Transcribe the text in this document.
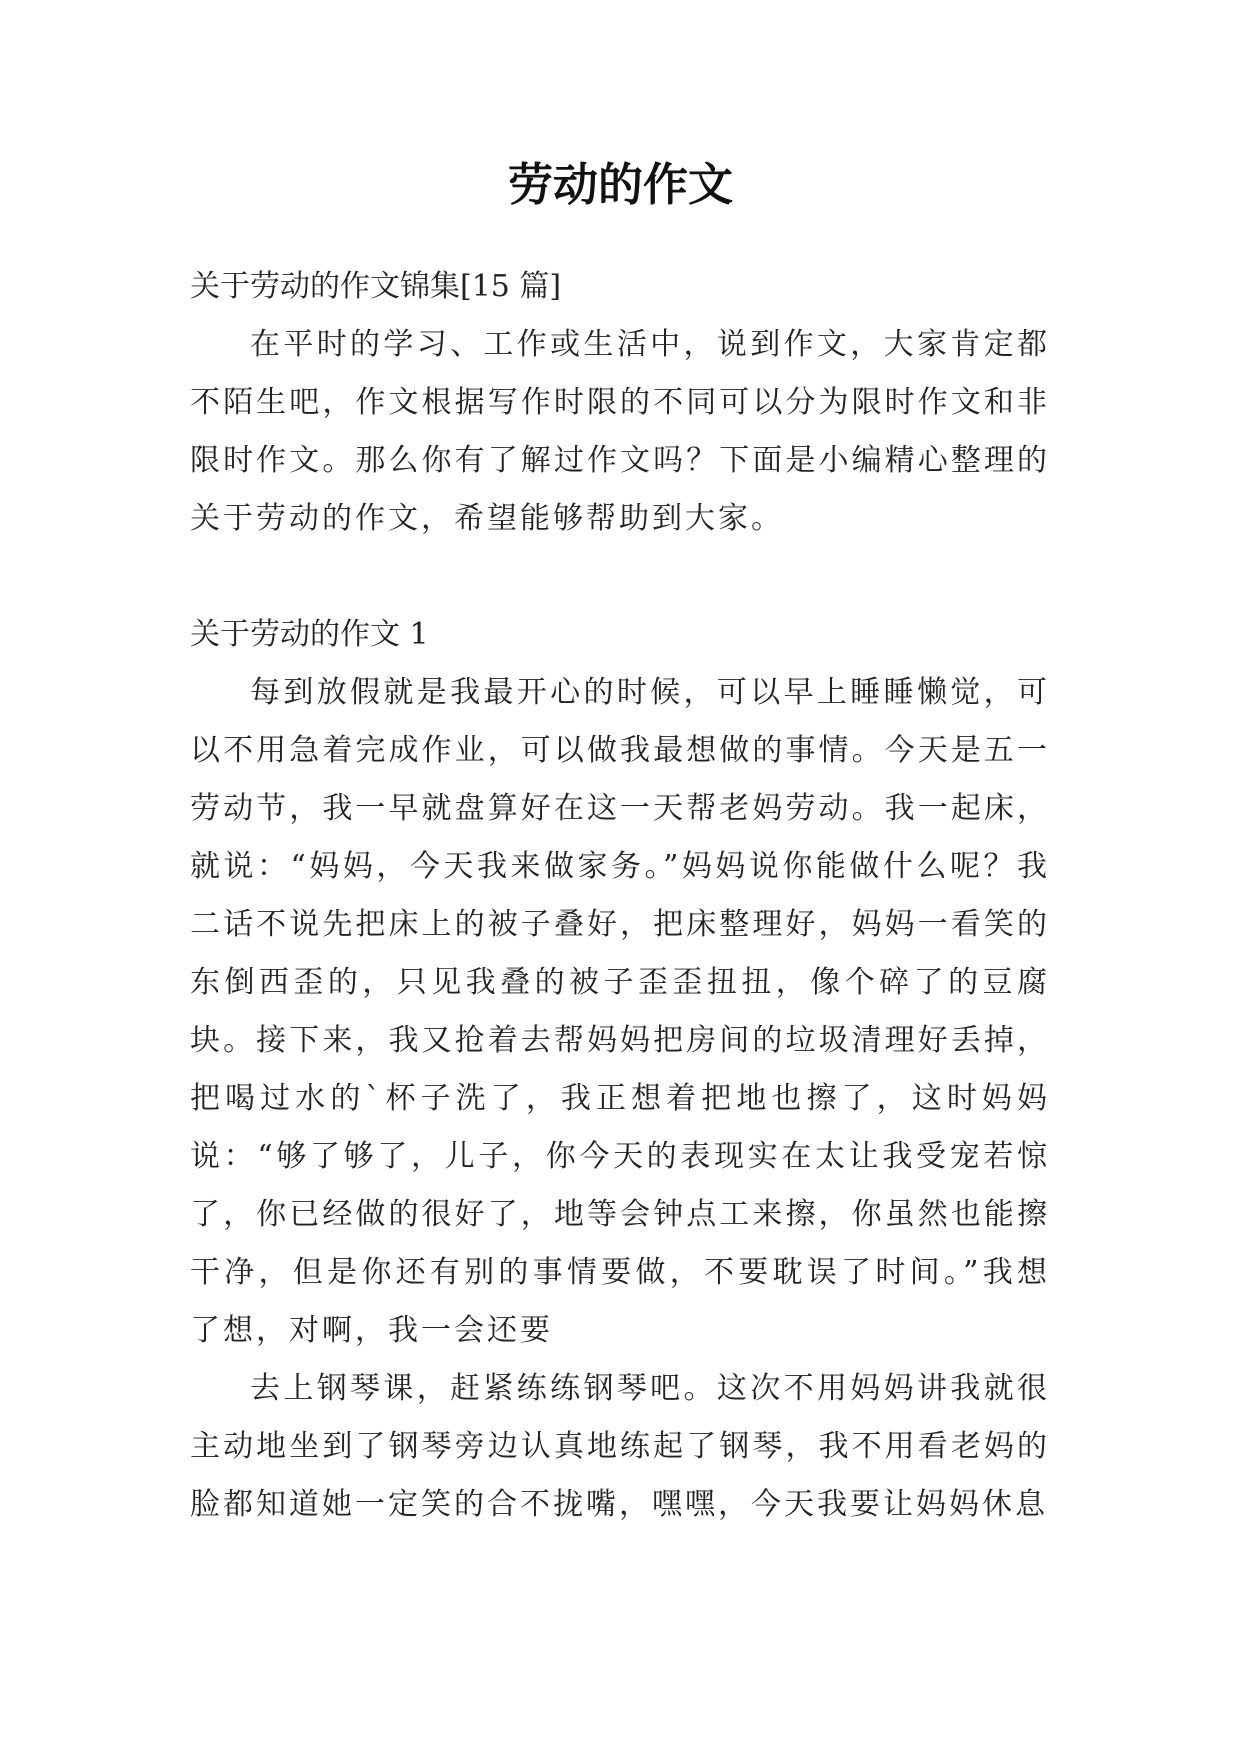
劳动的作文

关于劳动的作文锦集[15 篇]

在平时的学习、工作或生活中，说到作文，大家肯定都不陌生吧，作文根据写作时限的不同可以分为限时作文和非限时作文。那么你有了解过作文吗？下面是小编精心整理的关于劳动的作文，希望能够帮助到大家。

关于劳动的作文 1

每到放假就是我最开心的时候，可以早上睡睡懒觉，可以不用急着完成作业，可以做我最想做的事情。今天是五一劳动节，我一早就盘算好在这一天帮老妈劳动。我一起床，就说：“妈妈，今天我来做家务。”妈妈说你能做什么呢？我二话不说先把床上的被子叠好，把床整理好，妈妈一看笑的东倒西歪的，只见我叠的被子歪歪扭扭，像个碎了的豆腐块。接下来，我又抢着去帮妈妈把房间的垃圾清理好丢掉，把喝过水的`杯子洗了，我正想着把地也擦了，这时妈妈说：“够了够了，儿子，你今天的表现实在太让我受宠若惊了，你已经做的很好了，地等会钟点工来擦，你虽然也能擦干净，但是你还有别的事情要做，不要耽误了时间。”我想了想，对啊，我一会还要

去上钢琴课，赶紧练练钢琴吧。这次不用妈妈讲我就很主动地坐到了钢琴旁边认真地练起了钢琴，我不用看老妈的脸都知道她一定笑的合不拢嘴，嘿嘿，今天我要让妈妈休息
